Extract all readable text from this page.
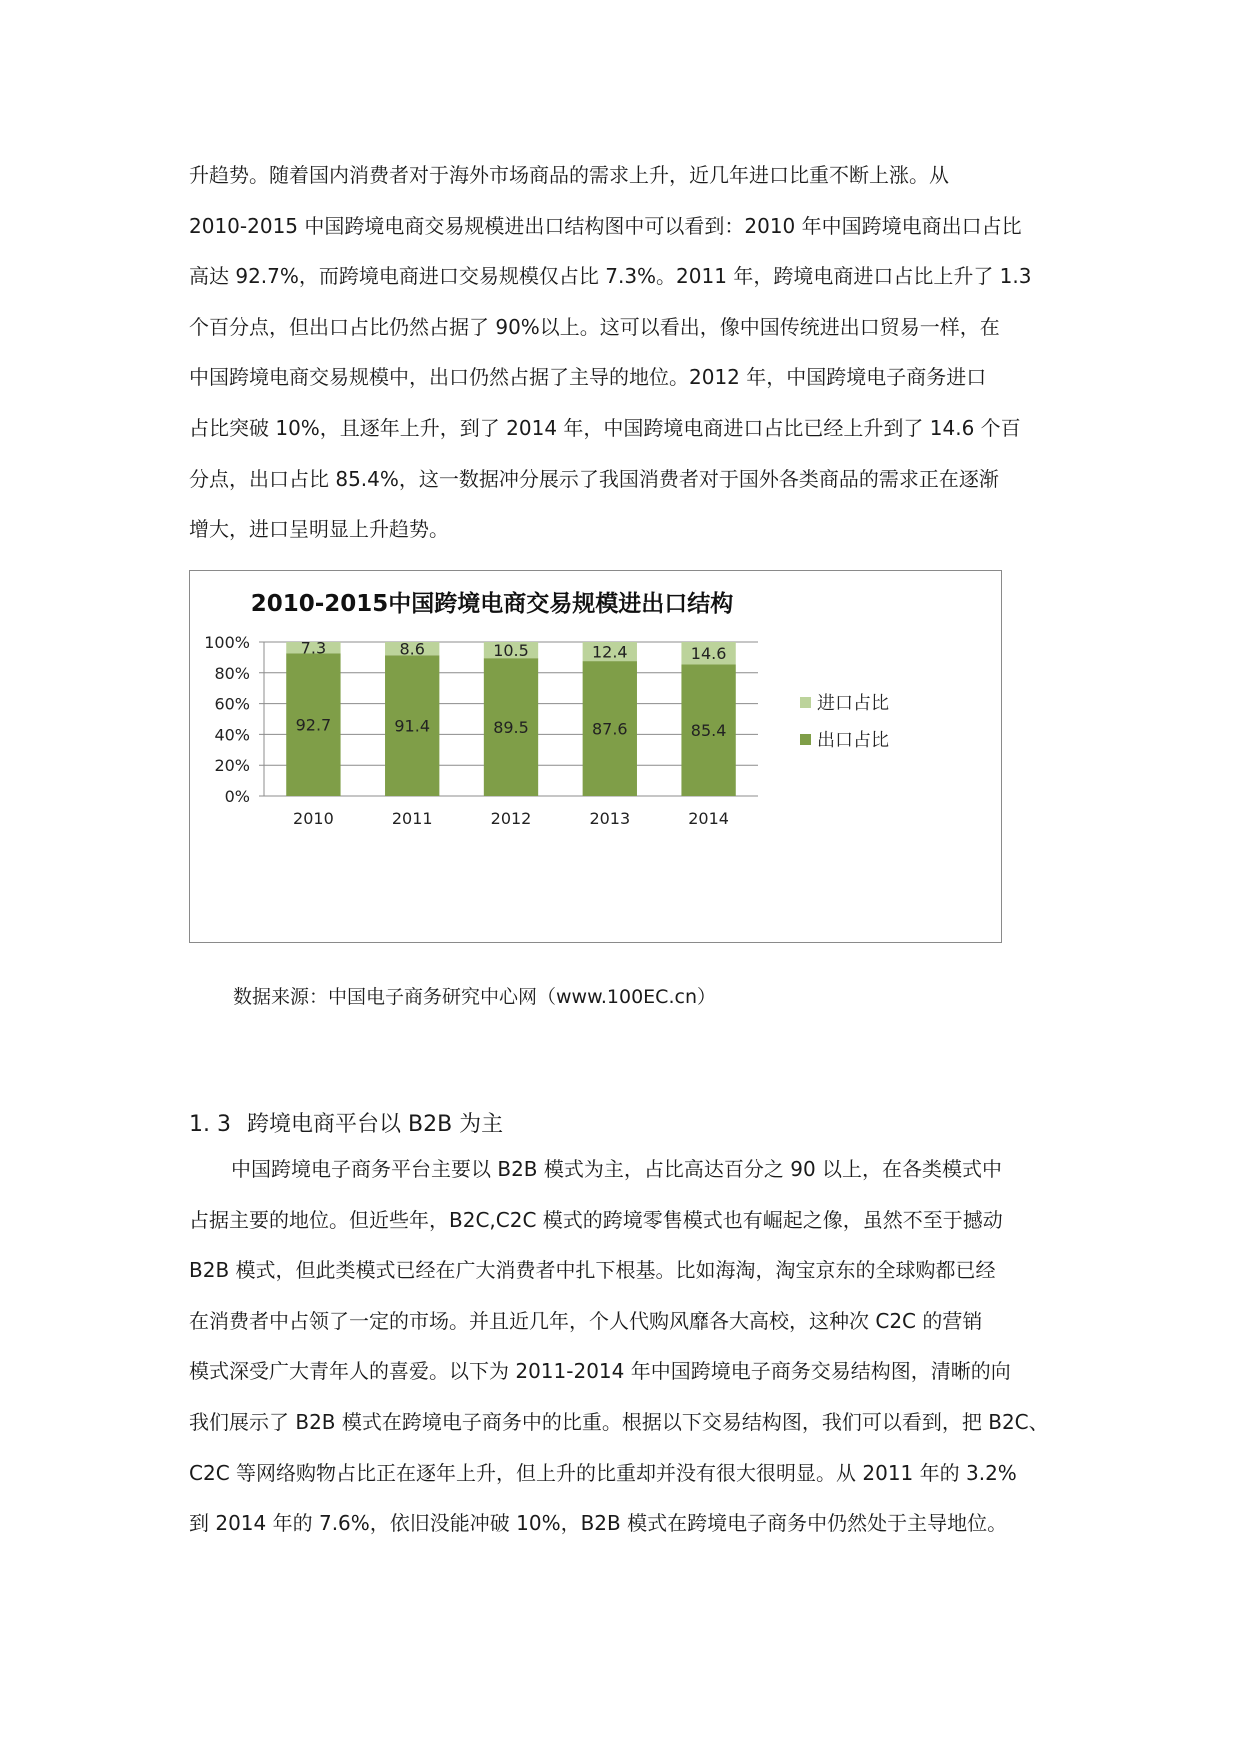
升趋势。随着国内消费者对于海外市场商品的需求上升，近几年进口比重不断上涨。从
2010-2015 中国跨境电商交易规模进出口结构图中可以看到：2010 年中国跨境电商出口占比
高达 92.7%，而跨境电商进口交易规模仅占比 7.3%。2011 年，跨境电商进口占比上升了 1.3
个百分点，但出口占比仍然占据了 90%以上。这可以看出，像中国传统进出口贸易一样，在
中国跨境电商交易规模中，出口仍然占据了主导的地位。2012 年，中国跨境电子商务进口
占比突破 10%，且逐年上升，到了 2014 年，中国跨境电商进口占比已经上升到了 14.6 个百
分点，出口占比 85.4%，这一数据冲分展示了我国消费者对于国外各类商品的需求正在逐渐
增大，进口呈明显上升趋势。
2010-2015中国跨境电商交易规模进出口结构
0%
20%
40%
60%
80%
100%
92.7
7.3
2010
91.4
8.6
2011
89.5
10.5
2012
87.6
12.4
2013
85.4
14.6
2014
进口占比
出口占比
数据来源：中国电子商务研究中心网（www.100EC.cn）
1. 3 跨境电商平台以 B2B 为主
中国跨境电子商务平台主要以 B2B 模式为主，占比高达百分之 90 以上，在各类模式中
占据主要的地位。但近些年，B2C,C2C 模式的跨境零售模式也有崛起之像，虽然不至于撼动
B2B 模式，但此类模式已经在广大消费者中扎下根基。比如海淘，淘宝京东的全球购都已经
在消费者中占领了一定的市场。并且近几年，个人代购风靡各大高校，这种次 C2C 的营销
模式深受广大青年人的喜爱。以下为 2011-2014 年中国跨境电子商务交易结构图，清晰的向
我们展示了 B2B 模式在跨境电子商务中的比重。根据以下交易结构图，我们可以看到，把 B2C、
C2C 等网络购物占比正在逐年上升，但上升的比重却并没有很大很明显。从 2011 年的 3.2%
到 2014 年的 7.6%，依旧没能冲破 10%，B2B 模式在跨境电子商务中仍然处于主导地位。
